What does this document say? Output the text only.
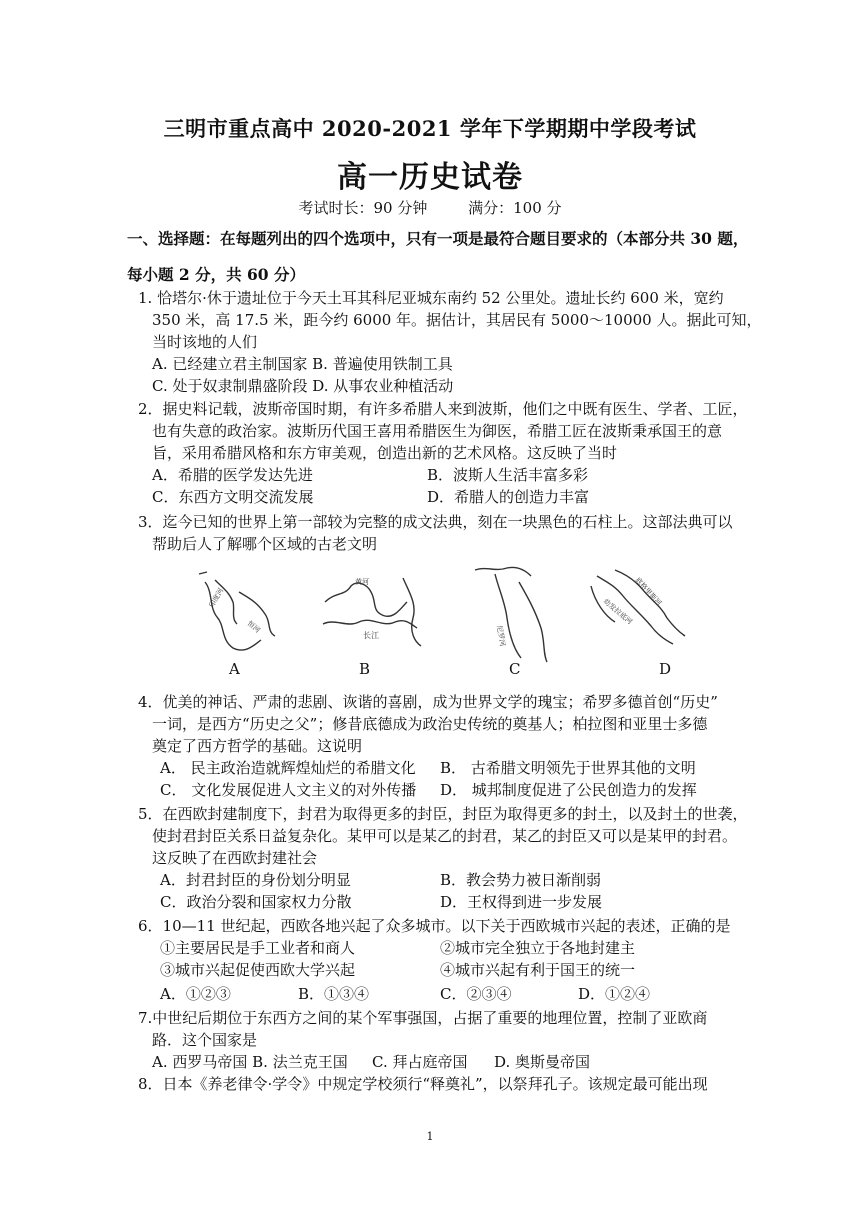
三明市重点高中 2020-2021 学年下学期期中学段考试
高一历史试卷
考试时长：90 分钟	满分：100 分
一、选择题：在每题列出的四个选项中，只有一项是最符合题目要求的（本部分共 30 题，
每小题 2 分，共 60 分）
1. 恰塔尔·休于遗址位于今天土耳其科尼亚城东南约 52 公里处。遗址长约 600 米，宽约
350 米，高 17.5 米，距今约 6000 年。据估计，其居民有 5000～10000 人。据此可知，
当时该地的人们
A. 已经建立君主制国家 B. 普遍使用铁制工具
C. 处于奴隶制鼎盛阶段 D. 从事农业种植活动
2．据史料记载，波斯帝国时期，有许多希腊人来到波斯，他们之中既有医生、学者、工匠，
也有失意的政治家。波斯历代国王喜用希腊医生为御医，希腊工匠在波斯秉承国王的意
旨，采用希腊风格和东方审美观，创造出新的艺术风格。这反映了当时
A．希腊的医学发达先进	B．波斯人生活丰富多彩
C．东西方文明交流发展	D．希腊人的创造力丰富
3．迄今已知的世界上第一部较为完整的成文法典，刻在一块黑色的石柱上。这部法典可以
帮助后人了解哪个区域的古老文明
印度河
恒河
黄河
长江	尼罗河
幼发拉底河
底格里斯河
A	B	C	D
4．优美的神话、严肃的悲剧、诙谐的喜剧，成为世界文学的瑰宝；希罗多德首创“历史”
一词，是西方“历史之父”；修昔底德成为政治史传统的奠基人；柏拉图和亚里士多德
奠定了西方哲学的基础。这说明
A． 民主政治造就辉煌灿烂的希腊文化 B． 古希腊文明领先于世界其他的文明
C． 文化发展促进人文主义的对外传播 D． 城邦制度促进了公民创造力的发挥
5．在西欧封建制度下，封君为取得更多的封臣，封臣为取得更多的封土，以及封土的世袭，
使封君封臣关系日益复杂化。某甲可以是某乙的封君，某乙的封臣又可以是某甲的封君。
这反映了在西欧封建社会
A．封君封臣的身份划分明显	B．教会势力被日渐削弱
C．政治分裂和国家权力分散	D．王权得到进一步发展
6．10—11 世纪起，西欧各地兴起了众多城市。以下关于西欧城市兴起的表述，正确的是
①主要居民是手工业者和商人	②城市完全独立于各地封建主
③城市兴起促使西欧大学兴起	④城市兴起有利于国王的统一
A．①②③	B．①③④	C．②③④	D．①②④
7.中世纪后期位于东西方之间的某个军事强国，占据了重要的地理位置，控制了亚欧商
路．这个国家是
A. 西罗马帝国 B. 法兰克王国 C. 拜占庭帝国 D. 奥斯曼帝国
8．日本《养老律令·学令》中规定学校须行“释奠礼”，以祭拜孔子。该规定最可能出现
1
